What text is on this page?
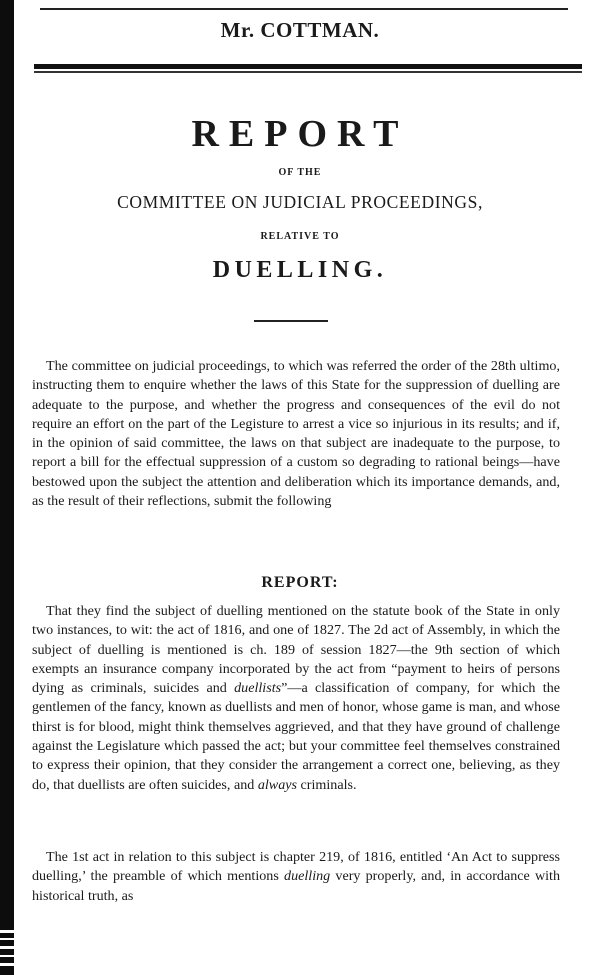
Mr. COTTMAN.
REPORT
OF THE
COMMITTEE ON JUDICIAL PROCEEDINGS,
RELATIVE TO
DUELLING.

The committee on judicial proceedings, to which was referred the order of the 28th ultimo, instructing them to enquire whether the laws of this State for the suppression of duelling are adequate to the purpose, and whether the progress and consequences of the evil do not require an effort on the part of the Legisture to arrest a vice so injurious in its results; and if, in the opinion of said committee, the laws on that subject are inadequate to the purpose, to report a bill for the effectual suppression of a custom so degrading to rational beings—have bestowed upon the subject the attention and deliberation which its importance demands, and, as the result of their reflections, submit the following

REPORT:

That they find the subject of duelling mentioned on the statute book of the State in only two instances, to wit: the act of 1816, and one of 1827. The 2d act of Assembly, in which the subject of duelling is mentioned is ch. 189 of session 1827—the 9th section of which exempts an insurance company incorporated by the act from “payment to heirs of persons dying as criminals, suicides and duellists”—a classification of company, for which the gentlemen of the fancy, known as duellists and men of honor, whose game is man, and whose thirst is for blood, might think themselves aggrieved, and that they have ground of challenge against the Legislature which passed the act; but your committee feel themselves constrained to express their opinion, that they consider the arrangement a correct one, believing, as they do, that duellists are often suicides, and always criminals.

The 1st act in relation to this subject is chapter 219, of 1816, entitled ‘An Act to suppress duelling,’ the preamble of which mentions duelling very properly, and, in accordance with historical truth, as
